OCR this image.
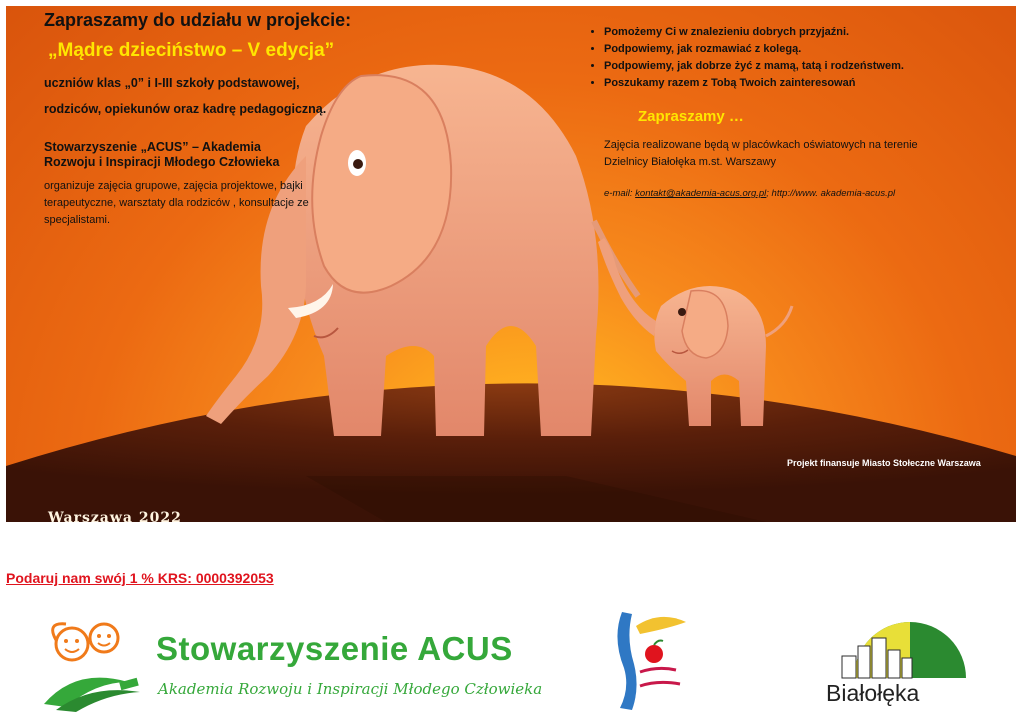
Zapraszamy do udziału w projekcie:
„Mądre dzieciństwo – V edycja”
uczniów klas „0” i I-III szkoły podstawowej, rodziców, opiekunów oraz kadrę pedagogiczną.
Stowarzyszenie „ACUS” – Akademia Rozwoju i Inspiracji Młodego Człowieka
organizuje zajęcia grupowe, zajęcia projektowe, bajki terapeutyczne, warsztaty dla rodziców , konsultacje ze specjalistami.
• Pomożemy Ci w znalezieniu dobrych przyjaźni.
• Podpowiemy, jak rozmawiać z kolegą.
• Podpowiemy, jak dobrze żyć z mamą, tatą i rodzeństwem.
• Poszukamy razem z Tobą Twoich zainteresowań
Zapraszamy …
Zajęcia realizowane będą w placówkach oświatowych na terenie Dzielnicy Białołęka m.st. Warszawy
e-mail: kontakt@akademia-acus.org.pl; http://www. akademia-acus.pl
Projekt finansuje Miasto Stołeczne Warszawa
Warszawa 2022
Podaruj nam swój 1 % KRS: 0000392053
Stowarzyszenie ACUS
Akademia Rozwoju i Inspiracji Młodego Człowieka	Białołęka
